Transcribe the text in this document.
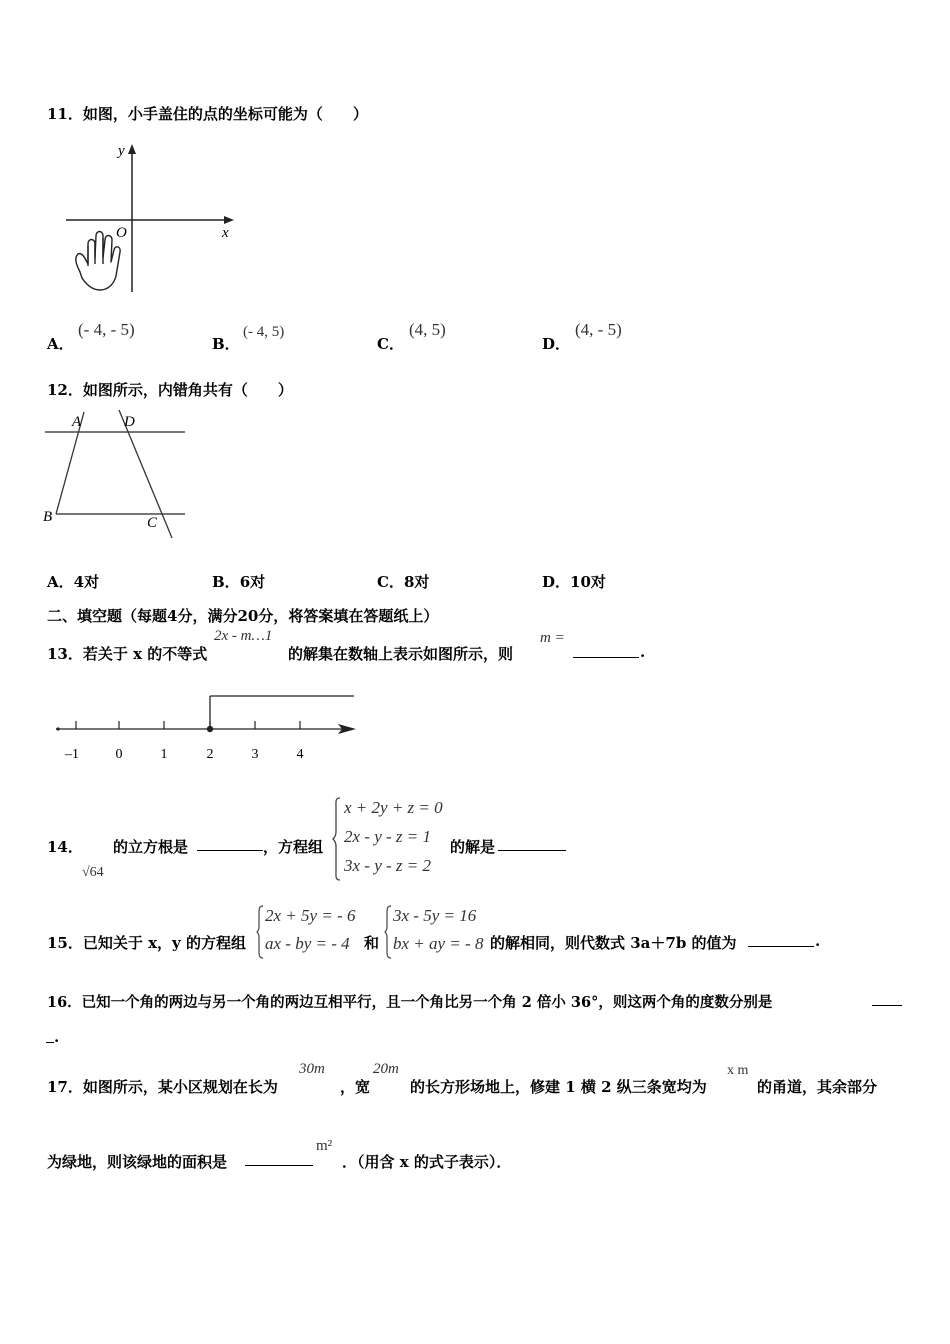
11．如图，小手盖住的点的坐标可能为（　　）
y
x
O
A．
(- 4, - 5)
B．
(- 4, 5)
C．
(4, 5)
D．
(4, - 5)
12．如图所示，内错角共有（　　）
A	D
B	C
A．4对	B．6对	C．8对	D．10对
二、填空题（每题4分，满分20分，将答案填在答题纸上）
13．若关于 x 的不等式
2x - m…1
的解集在数轴上表示如图所示，则
m =
.
–1	0	1	2	3	4
14．
√64
的立方根是	，方程组
x + 2y + z = 0
2x - y - z = 1
3x - y - z = 2
的解是
15．已知关于 x，y 的方程组
2x + 5y = - 6
ax - by = - 4 和
3x - 5y = 16
bx + ay = - 8 的解相同，则代数式 3a＋7b 的值为	.
16．已知一个角的两边与另一个角的两边互相平行，且一个角比另一个角 2 倍小 36°，则这两个角的度数分别是
.
17．如图所示，某小区规划在长为
30m
，宽
20m
的长方形场地上，修建 1 横 2 纵三条宽均为
x m
的甬道，其余部分
为绿地，则该绿地的面积是
m²
．（用含 x 的式子表示）．
